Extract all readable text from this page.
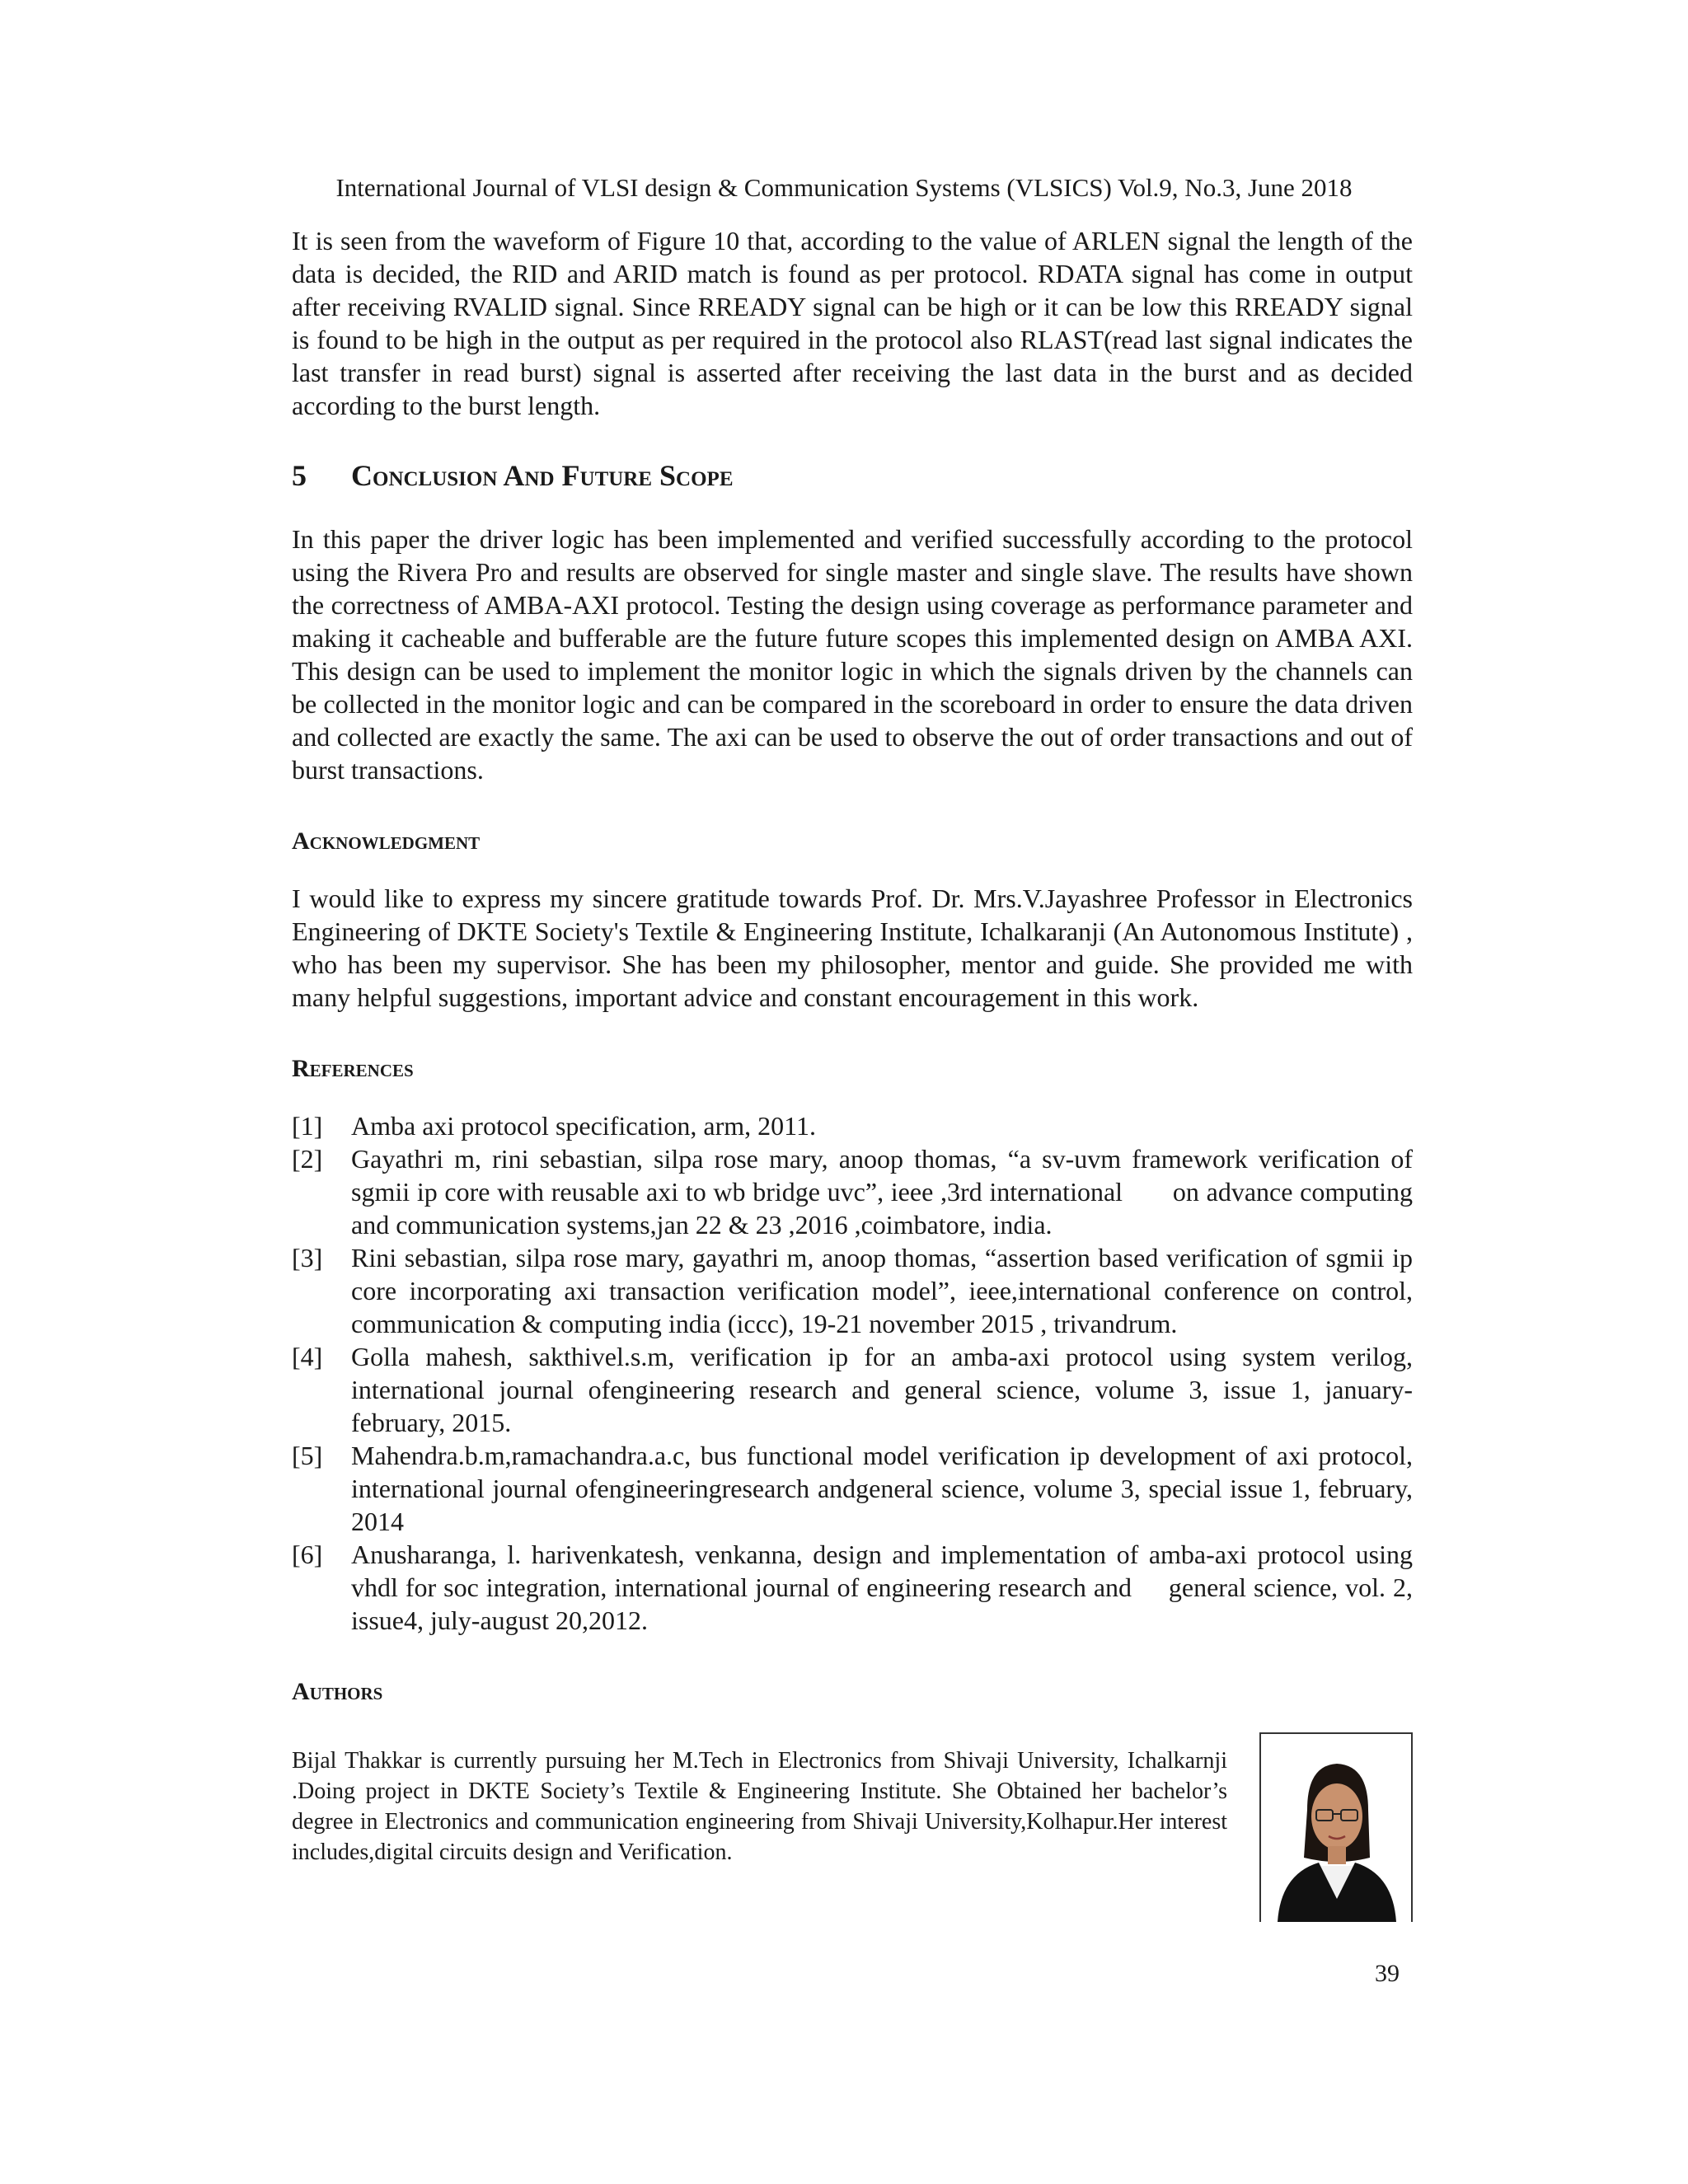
International Journal of VLSI design & Communication Systems (VLSICS) Vol.9, No.3, June 2018

It is seen from the waveform of Figure 10 that, according to the value of ARLEN signal the length of the data is decided, the RID and ARID match is found as per protocol. RDATA signal has come in output after receiving RVALID signal. Since RREADY signal can be high or it can be low this RREADY signal is found to be high in the output as per required in the protocol also RLAST(read last signal indicates the last transfer in read burst) signal is asserted after receiving the last data in the burst and as decided according to the burst length.

5	Conclusion And Future Scope

In this paper the driver logic has been implemented and verified successfully according to the protocol using the Rivera Pro and results are observed for single master and single slave. The results have shown the correctness of AMBA-AXI protocol. Testing the design using coverage as performance parameter and making it cacheable and bufferable are the future future scopes this implemented design on AMBA AXI. This design can be used to implement the monitor logic in which the signals driven by the channels can be collected in the monitor logic and can be compared in the scoreboard in order to ensure the data driven and collected are exactly the same. The axi can be used to observe the out of order transactions and out of burst transactions.

Acknowledgment

I would like to express my sincere gratitude towards Prof. Dr. Mrs.V.Jayashree Professor in Electronics Engineering of DKTE Society's Textile & Engineering Institute, Ichalkaranji (An Autonomous Institute) , who has been my supervisor. She has been my philosopher, mentor and guide. She provided me with many helpful suggestions, important advice and constant encouragement in this work.

References
[1]	Amba axi protocol specification, arm, 2011.
[2]	Gayathri m, rini sebastian, silpa rose mary, anoop thomas, “a sv-uvm framework verification of sgmii ip core with reusable axi to wb bridge uvc”, ieee ,3rd international       on advance computing and communication systems,jan 22 & 23 ,2016 ,coimbatore, india.
[3]	Rini sebastian, silpa rose mary, gayathri m, anoop thomas, “assertion based verification of sgmii ip core incorporating axi transaction verification model”, ieee,international conference on control, communication & computing india (iccc), 19-21 november 2015 , trivandrum.
[4]	Golla mahesh, sakthivel.s.m, verification ip for an amba-axi protocol using system verilog, international journal ofengineering research and general science, volume 3, issue 1, january-february, 2015.
[5]	Mahendra.b.m,ramachandra.a.c, bus functional model verification ip development of axi protocol, international journal ofengineeringresearch andgeneral science, volume 3, special issue 1, february, 2014
[6]	Anusharanga, l. harivenkatesh, venkanna, design and implementation of amba-axi protocol using vhdl for soc integration, international journal of engineering research and     general science, vol. 2, issue4, july-august 20,2012.
Authors

Bijal Thakkar is currently pursuing her M.Tech in Electronics from Shivaji University, Ichalkarnji .Doing project in DKTE Society’s Textile & Engineering Institute. She Obtained her bachelor’s degree in Electronics and communication engineering from Shivaji University,Kolhapur.Her interest includes,digital circuits design and Verification.

39
